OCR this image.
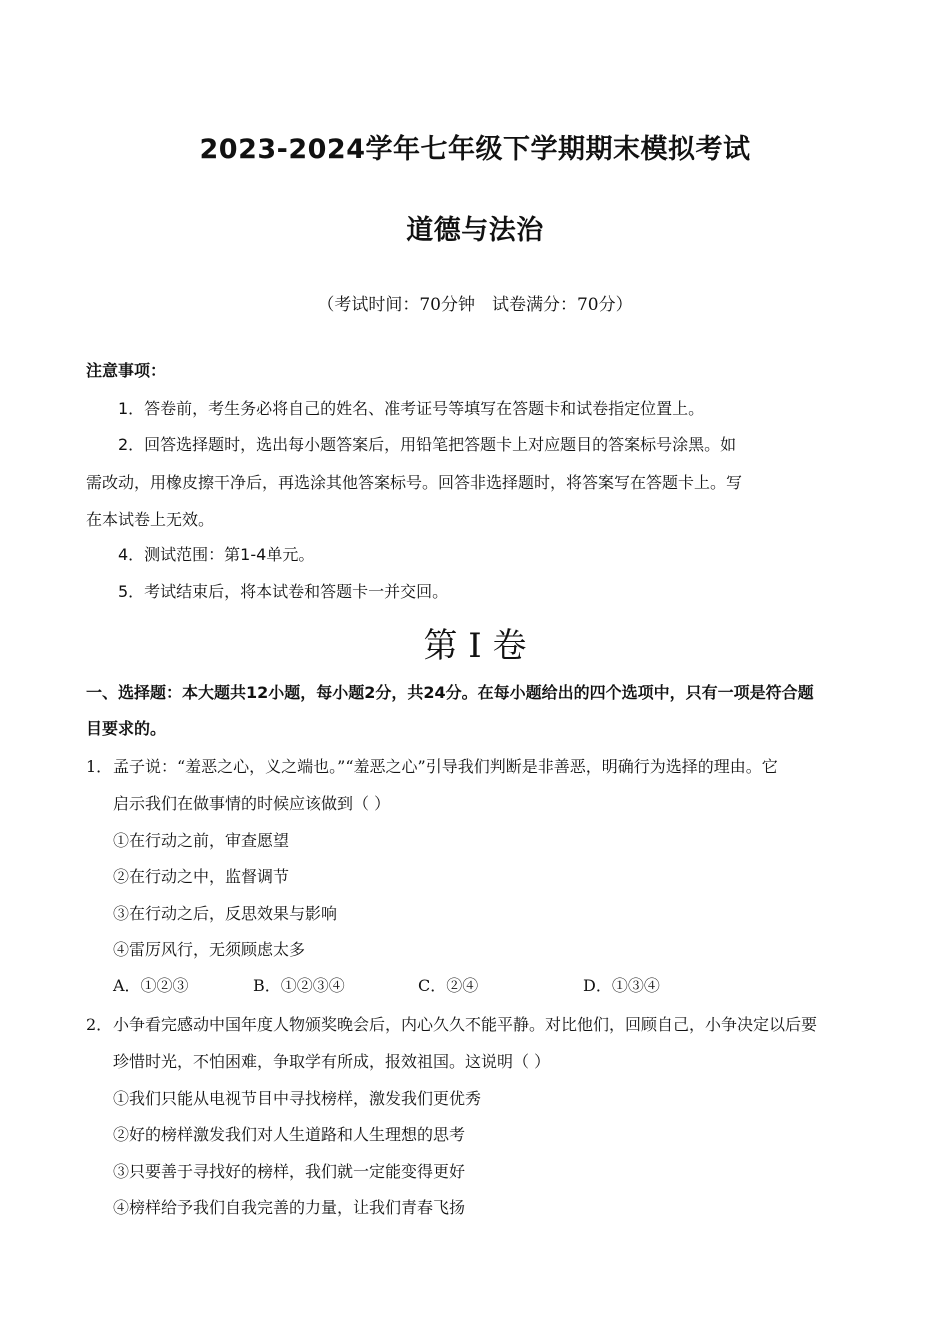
2023-2024学年七年级下学期期末模拟考试
道德与法治
（考试时间：70分钟　试卷满分：70分）
注意事项：
1．答卷前，考生务必将自己的姓名、准考证号等填写在答题卡和试卷指定位置上。
2．回答选择题时，选出每小题答案后，用铅笔把答题卡上对应题目的答案标号涂黑。如
需改动，用橡皮擦干净后，再选涂其他答案标号。回答非选择题时，将答案写在答题卡上。写
在本试卷上无效。
4．测试范围：第1-4单元。
5．考试结束后，将本试卷和答题卡一并交回。
第 I 卷
一、选择题：本大题共12小题，每小题2分，共24分。在每小题给出的四个选项中，只有一项是符合题
目要求的。
1． 孟子说：“羞恶之心，义之端也。”“羞恶之心”引导我们判断是非善恶，明确行为选择的理由。它
启示我们在做事情的时候应该做到（ ）
①在行动之前，审查愿望
②在行动之中，监督调节
③在行动之后，反思效果与影响
④雷厉风行，无须顾虑太多
A．①②③	B．①②③④	C．②④	D．①③④
2． 小争看完感动中国年度人物颁奖晚会后，内心久久不能平静。对比他们，回顾自己，小争决定以后要
珍惜时光，不怕困难，争取学有所成，报效祖国。这说明（ ）
①我们只能从电视节目中寻找榜样，激发我们更优秀
②好的榜样激发我们对人生道路和人生理想的思考
③只要善于寻找好的榜样，我们就一定能变得更好
④榜样给予我们自我完善的力量，让我们青春飞扬
